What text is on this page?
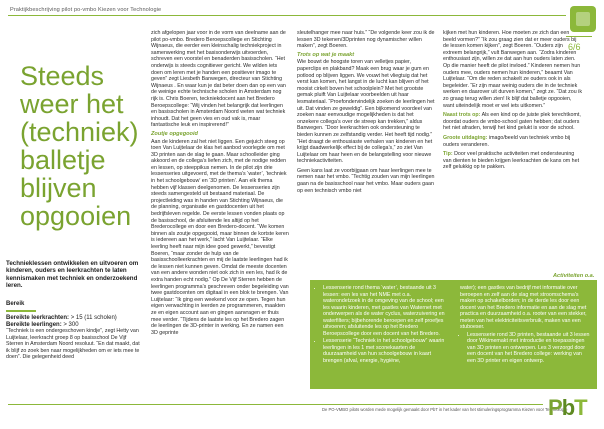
Praktijkbeschrijving pilot po-vmbo Kiezen voor Technologie
6/6
Steeds weer het (techniek) balletje blijven opgooien

Technieklessen ontwikkelen en uitvoeren om kinderen, ouders en leerkrachten te laten kennismaken met techniek en onderzoekend leren.

Bereik
Bereikte leerkrachten: > 15 (11 scholen)
Bereikte leerlingen: > 300

“Techniek is een ondergeschoven kindje”, zegt Hetty van Luijtelaar, leerkracht groep 8 op basisschool De Vijf Sterren in Amsterdam Noord resoluut. “En dat maakt, dat ik blijf zo zoek ben naar mogelijkheden om er iets mee te doen”. Die gelegenheid deed

zich afgelopen jaar voor in de vorm van deelname aan de pilot po-vmbo. Bredero Beroepscollege en Stichting Wijnaeus, die eerder een kleinschalig techniekproject in samenwerking met het basisonderwijs uitvoerden, schreven een voorstel en benaderden basisscholen. “Het onderwijs is steeds cognitiever gericht. We wilden iets doen om leren met je handen een positiever imago te geven” zegt Liesbeth Banwegen, directeur van Stichting Wijnaeus . En waar kun je dat beter doen dan op een van de weinige echte technische scholen in Amsterdam nog rijk is. Chris Boeren, teckniekdocent aan het Bredero Beroepscollege: “Wij vinden het belangrijk dat leerlingen en basisscholen in Amsterdam Noord weten wat techniek inhoudt. Dat het geen vies en oud vak is, maar fantastische leuk en inspirerend!”

Zoutje opgegooid

Aan de kinderen zal het niet liggen. Een gejuich steeg op toen Van Luijtelaar de klas het aanbod voorlegde om met 3D printen aan de slag te gaan. Maar schoolleider ging akkoord en de collega’s liefen zich, met de nodige redden en lessen, op steeppikus nemen. In de pilot zijn drie lessenseries uitgevoerd, met de thema’s ‘water’, ‘techniek in het schoolgebouw’ en ‘3D printen’. Aan elk thema hebben vijf klassen deelgenomen. De lessenseries zijn steeds samengesteld uit bestaand materiaal. De projectleiding was in handen van Stichting Wijnaeus, die de planning, organisatie en gastdocenten uit het bedrijfsleven regelde. De eerste lessen vonden plaats op de basisschool, de afsluitende les altijd op het Brederocollege en door een Bredero-docent. “We komen binnen als zoutje opgegooid, maar binnen de kortste keren is iedereen aan het werk,” lacht Van Luijtelaar. “Elke leerling heeft naar mijn idee goed gewerkt,” bevestigt Boeren, “maar zonder de hulp van de basisschoolleerkrachten en mij de laatste leerlingen had ik de lessen niet kunnen geven. Omdat de meeste docenten van een andere wonden niet ook zich in een les, had ik de extra handen echt nodig.” Op De Vijf Sterren hebben de leerlingen programma’s geschreven onder begeleiding van twee gastdocenten om digitaal in een blok te brengen. Van Luijtelaar: “Ik ging een weekend voor ze open. Tegen hun eigen verwachting in leerden ze programmeren, maakten ze en eigen account aan en gingen aanvragen er thuis mee verder. “Tijdens de laatste les op het Bredero zagen de leerlingen de 3D-printer in werking. En ze namen een 3D geprinte

sleutelhanger mee naar huis.” “De volgende keer zou ik de lessen 3D tekenen/3Dprinten nog dynamischer willen maken”, zegt Boeren.

Trots op wat je maakt

Wie bouwt de hoogste toren van velletjes papier, paperclips en plakband? Maak een brug waar je gum en potlood op blijven liggen. We vouwt het vliegtuig dat het verst kan komen, het langst in de lucht kan blijven of het mooist cirkelt boven het schoolplein? Met het grootste gemak pluift Van Luijtelaar voorbeelden uit haar lesmateriaal. “Proefondervindelijk zoeken de leerlingen het uit. Dat vinden ze geweldig”. Een bijkomend voordeel van zoeken naar eenvoudige mogelijkheden is dat het onzekere collega’s over de streep kan trekken,” aldus Banwegen. “Door leerkrachten ook ondersteuning te bieden kunnen ze zelfstandig verder. Het heeft tijd nodig.” “Het draagt de enthousiaste verhalen van kinderen en het krijgt daadwerkelijk effect bij de collega’s,” zo ziet Van Luijtelaar om haar heen en de belangstelling voor nieuwe techniekactiviteiten.

Geen kans laat ze voorbijgaan om haar leerlingen mee te nemen naar het vmbo. “Techtig zouden van mijn leerlingen gaan na de basisschool naar het vmbo. Maar ouders gaan op een technisch vmbo niet

kijken met hun kinderen. Hoe moeten ze zich dan een beeld vormen?” “Ik zou graag zien dat er meer ouders bij de lessen komen kijken”, zegt Boeren. “Ouders zijn extreem belangrijk,” vult Banwegen aan. “Zodra kinderen enthousiast zijn, willen ze dat aan hun ouders laten zien. Op die manier heeft de pilot invloed.” Kinderen nemen hun ouders mee, ouders nemen hun kinderen,” beaamt Van Luijtelaar. “Om die reden schakelt ze ouders ook in als begeleider. “Er zijn maar weinig ouders die in de techniek werken en daarover uit durven komen,” zegt ze. “Dat zou ik zo graag terug willen zien! Ik blijf dat balletje opgooien, want uiteindelijk moet er wel iets uitkomen.”

Naast trots op: Als een kind op de juiste plek terechtkomt, doordat ouders de vmbo-school gaten hebben; dat ouders het niet afraden, terwijl het kind gelukt is voor de school.

Groote uitdaging: imago/beeld van techniek vmbo bij ouders veranderen.

Tip: Door veel praktische activiteiten met ondersteuning van dienten te bieden krijgen leerkrachten de kans om het zelf gelukkig op te pakken.

Activiteiten o.a.
• Lessenserie rond thema ‘water’, bestaande uit 3 lessen: een les van het NME met o.a. waterondetzoek in de omgeving van de school; een les waarin kinderen, met gastles van Waternet met onderwerpen als de water cyclus, waterzuivering en waterfilters; bijbehorende beroepen en zelf proefjes uitvoeren; afsluitende les op het Bredero Beroepscollege door een docent van het Bredero.
• Lessenserie “Techniek in het schoolgebouw” waarin leerlingen in les 1 met sconekaarten de duurzaamheid van hun schoolgebouw in kaart brengen (afval, energie, hygiëne,
water); een gastles van bedrijf met informatie over beroepen en zelf aan de slag met stroomschema’s maken op schakelborden; in de derde les door een docent van het Bredero informatie en aan de slag met practica en duurzaamheid o.a. rooter van een stekker, meten van het elektriciteitsverbruik, maken van een stuboeser.
• Lessenserie rond 3D printen, bestaande uit 3 lessen door Wikimemakt met introductie en toepassingen van 3D printen en ontwerpen. Les 3 verzorgd door een docent van het Bredero college: werking van een 3D printer en eigen ontwerp.
De PO-VMBO pilots worden mede mogelijk gemaakt door PbT in het kader van het stimuleringsprogramma Kiezen voor Technologie
PbT
